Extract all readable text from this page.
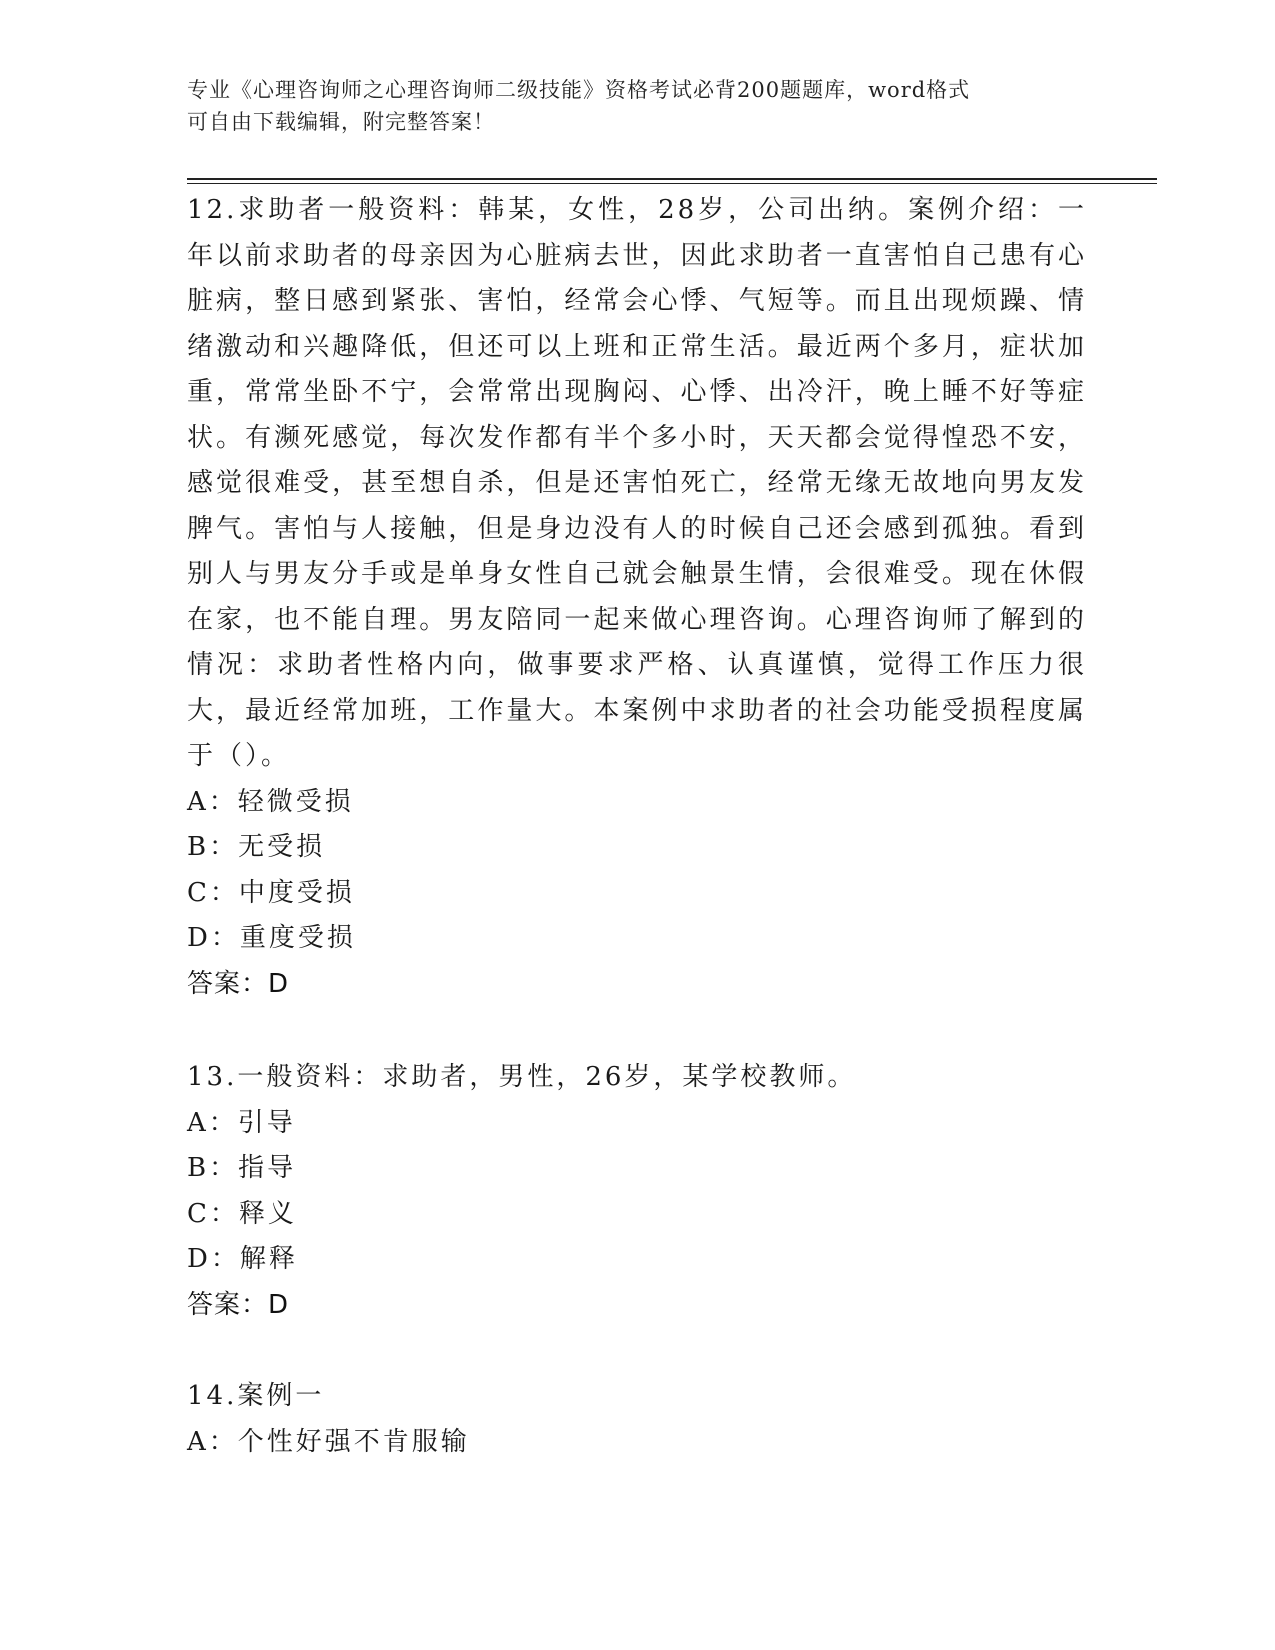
专业《心理咨询师之心理咨询师二级技能》资格考试必背200题题库，word格式
可自由下载编辑，附完整答案！

12.求助者一般资料：韩某，女性，28岁，公司出纳。案例介绍：一年以前求助者的母亲因为心脏病去世，因此求助者一直害怕自己患有心脏病，整日感到紧张、害怕，经常会心悸、气短等。而且出现烦躁、情绪激动和兴趣降低，但还可以上班和正常生活。最近两个多月，症状加重，常常坐卧不宁，会常常出现胸闷、心悸、出冷汗，晚上睡不好等症状。有濒死感觉，每次发作都有半个多小时，天天都会觉得惶恐不安，感觉很难受，甚至想自杀，但是还害怕死亡，经常无缘无故地向男友发脾气。害怕与人接触，但是身边没有人的时候自己还会感到孤独。看到别人与男友分手或是单身女性自己就会触景生情，会很难受。现在休假在家，也不能自理。男友陪同一起来做心理咨询。心理咨询师了解到的情况：求助者性格内向，做事要求严格、认真谨慎，觉得工作压力很大，最近经常加班，工作量大。本案例中求助者的社会功能受损程度属于（）。

A：轻微受损

B：无受损

C：中度受损

D：重度受损

答案：D

13.一般资料：求助者，男性，26岁，某学校教师。

A：引导

B：指导

C：释义

D：解释

答案：D

14.案例一

A：个性好强不肯服输
